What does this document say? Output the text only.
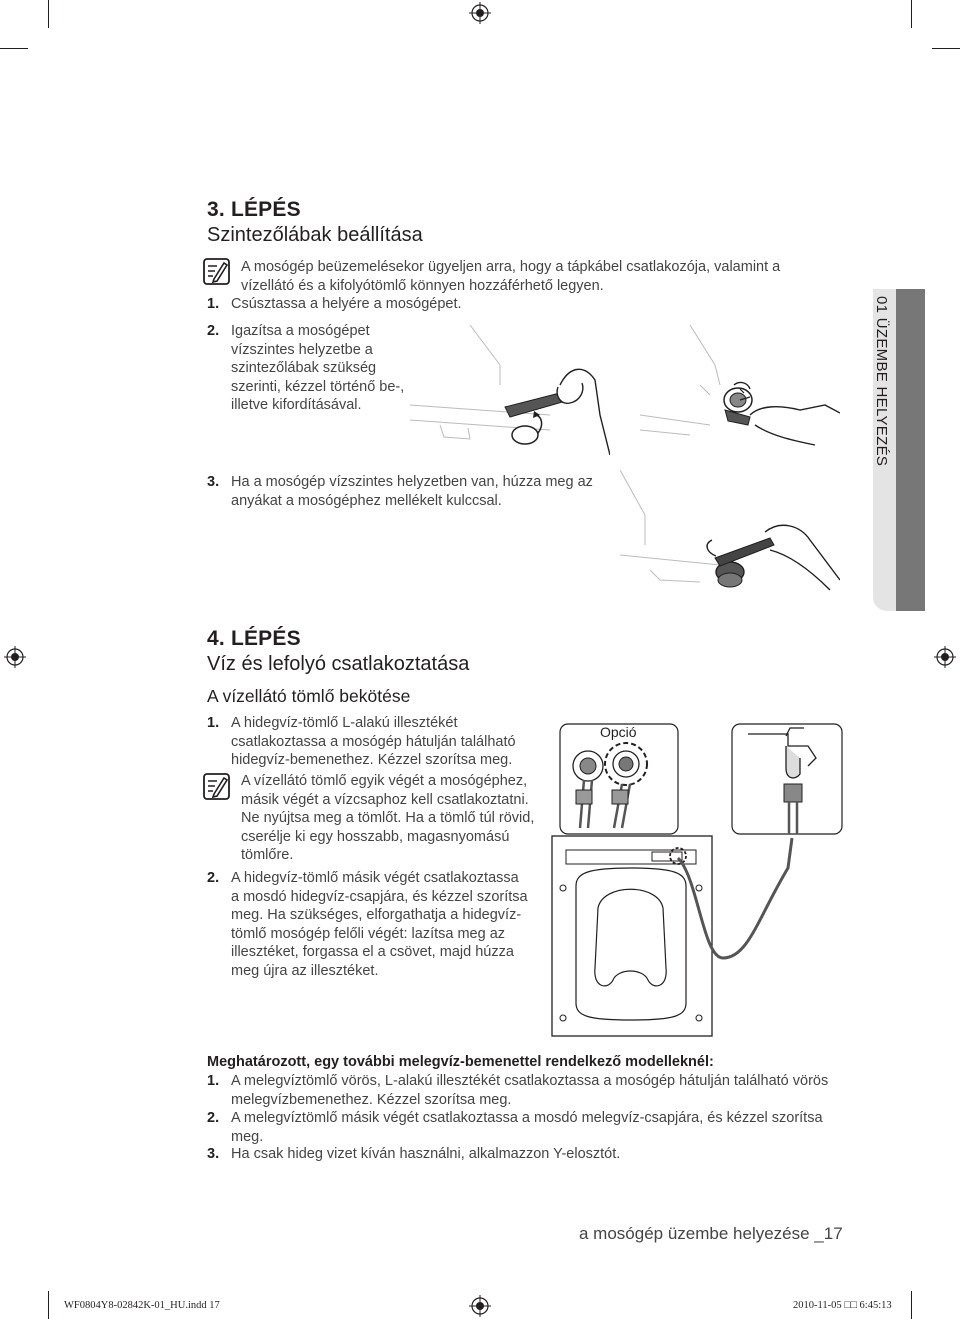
3. LÉPÉS
Szintezőlábak beállítása
A mosógép beüzemelésekor ügyeljen arra, hogy a tápkábel csatlakozója, valamint a
vízellátó és a kifolyótömlő könnyen hozzáférhető legyen.
1. Csúsztassa a helyére a mosógépet.
2. Igazítsa a mosógépet
vízszintes helyzetbe a
szintezőlábak szükség
szerinti, kézzel történő be-,
illetve kifordításával.
3. Ha a mosógép vízszintes helyzetben van, húzza meg az
anyákat a mosógéphez mellékelt kulccsal.
4. LÉPÉS
Víz és lefolyó csatlakoztatása
A vízellátó tömlő bekötése
1. A hidegvíz-tömlő L-alakú illesztékét
csatlakoztassa a mosógép hátulján található
hidegvíz-bemenethez. Kézzel szorítsa meg.
A vízellátó tömlő egyik végét a mosógéphez,
másik végét a vízcsaphoz kell csatlakoztatni.
Ne nyújtsa meg a tömlőt. Ha a tömlő túl rövid,
cserélje ki egy hosszabb, magasnyomású
tömlőre.
2. A hidegvíz-tömlő másik végét csatlakoztassa
a mosdó hidegvíz-csapjára, és kézzel szorítsa
meg. Ha szükséges, elforgathatja a hidegvíz-
tömlő mosógép felőli végét: lazítsa meg az
illesztéket, forgassa el a csövet, majd húzza
meg újra az illesztéket.
Opció
Meghatározott, egy további melegvíz-bemenettel rendelkező modelleknél:
1. A melegvíztömlő vörös, L-alakú illesztékét csatlakoztassa a mosógép hátulján található vörös
melegvízbemenethez. Kézzel szorítsa meg.
2. A melegvíztömlő másik végét csatlakoztassa a mosdó melegvíz-csapjára, és kézzel szorítsa
meg.
3. Ha csak hideg vizet kíván használni, alkalmazzon Y-elosztót.
a mosógép üzembe helyezése _17
WF0804Y8-02842K-01_HU.indd 17	2010-11-05 □□ 6:45:13
